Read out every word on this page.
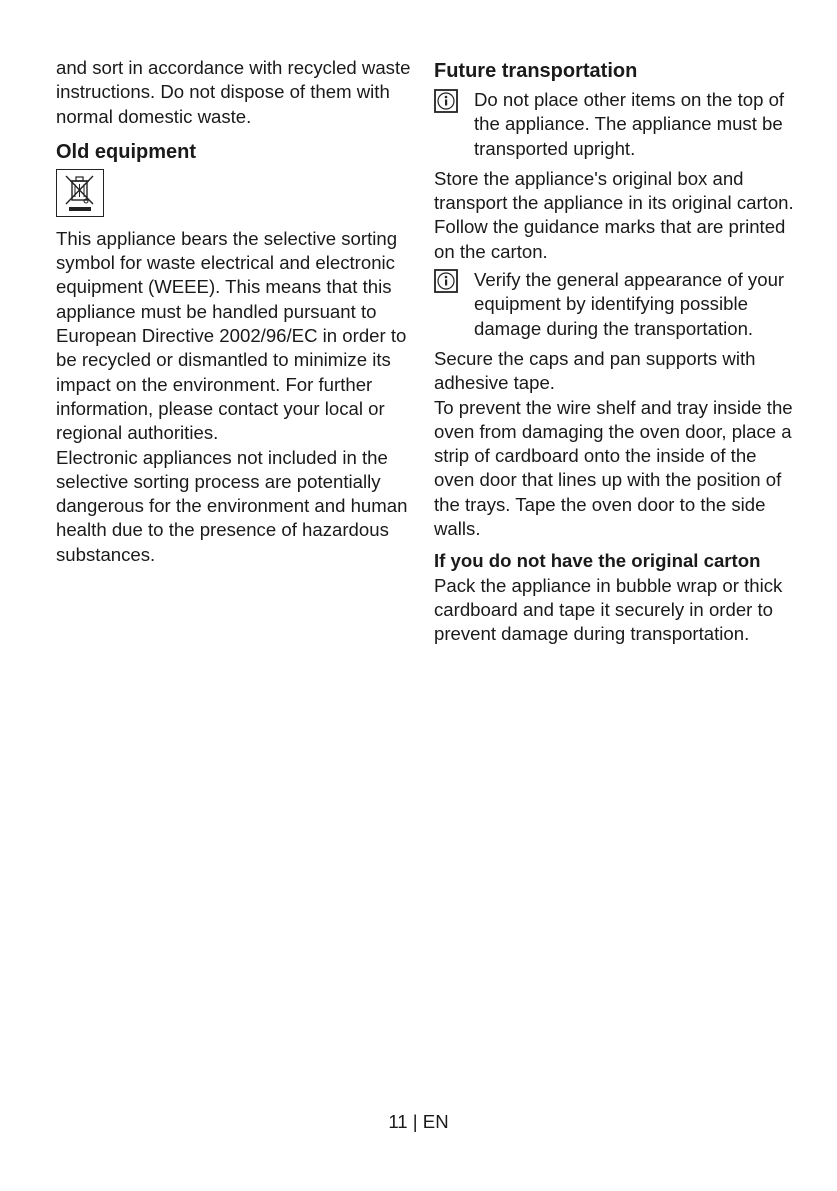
and sort in accordance with recycled waste instructions. Do not dispose of them with normal domestic waste.

Old equipment

This appliance bears the selective sorting symbol for waste electrical and electronic equipment (WEEE). This means that this appliance must be handled pursuant to European Directive 2002/96/EC in order to be recycled or dismantled to minimize its impact on the environment. For further information, please contact your local or regional authorities.

Electronic appliances not included in the selective sorting process are potentially dangerous for the environment and human health due to the presence of hazardous substances.

Future transportation

Do not place other items on the top of the appliance. The appliance must be transported upright.

Store the appliance's original box and transport the appliance in its original carton. Follow the guidance marks that are printed on the carton.

Verify the general appearance of your equipment by identifying possible damage during the transportation.

Secure the caps and pan supports with adhesive tape.

To prevent the wire shelf and tray inside the oven from damaging the oven door, place a strip of cardboard onto the inside of the oven door that lines up with the position of the trays. Tape the oven door to the side walls.

If you do not have the original carton

Pack the appliance in bubble wrap or thick cardboard and tape it securely in order to prevent damage during transportation.

11 | EN
